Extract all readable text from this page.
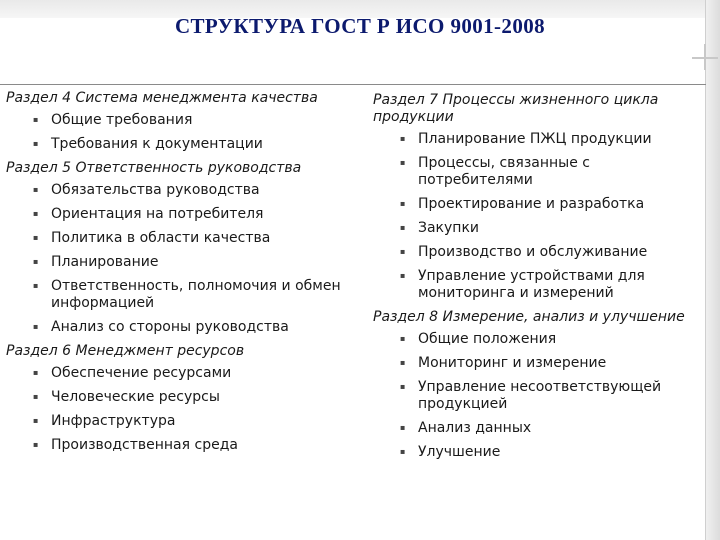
СТРУКТУРА ГОСТ Р ИСО 9001-2008
Раздел 4 Система менеджмента качества
▪ Общие требования
▪ Требования к документации
Раздел 5 Ответственность руководства
▪ Обязательства руководства
▪ Ориентация на потребителя
▪ Политика в области качества
▪ Планирование
▪ Ответственность, полномочия и обмен информацией
▪ Анализ со стороны руководства
Раздел 6 Менеджмент ресурсов
▪ Обеспечение ресурсами
▪ Человеческие ресурсы
▪ Инфраструктура
▪ Производственная среда
Раздел 7 Процессы жизненного цикла продукции
▪ Планирование ПЖЦ продукции
▪ Процессы, связанные с потребителями
▪ Проектирование и разработка
▪ Закупки
▪ Производство и обслуживание
▪ Управление устройствами для мониторинга и измерений
Раздел 8 Измерение, анализ и улучшение
▪ Общие положения
▪ Мониторинг и измерение
▪ Управление несоответствующей продукцией
▪ Анализ данных
▪ Улучшение
